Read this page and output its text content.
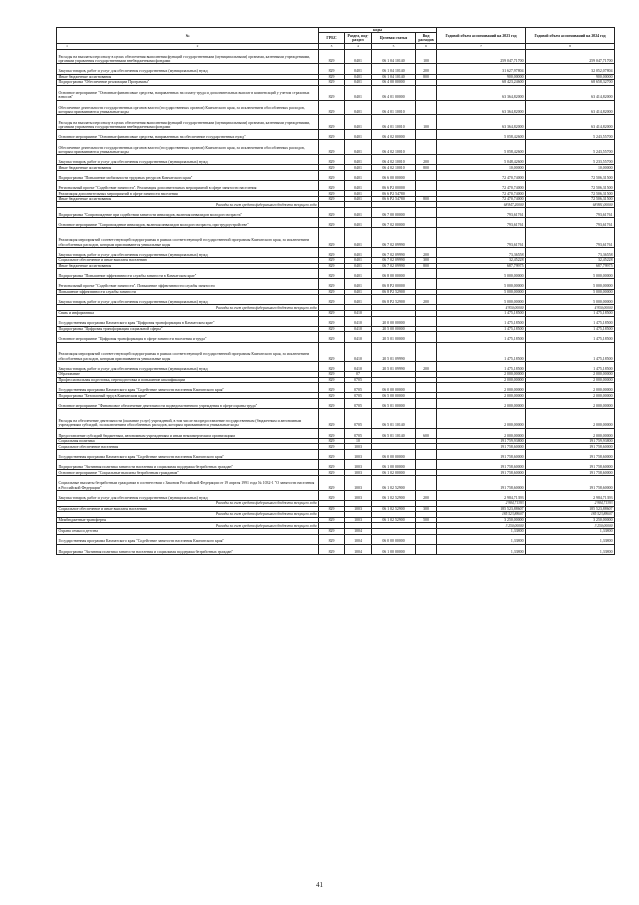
№	коды				Годовой объем ассигнований на 2023 год	Годовой объем ассигнований на 2024 год
	ГРБС	Раздел, под-раздел	Целевая статья	Вид расходов		

1 2	3	4	5	6	7	8
Расходы на выплаты персоналу в целях обеспечения выполнения функций государственными (муниципальными) органами, казенными учреждениями, органами управления государственными внебюджетными фондами	829	0401	06 1 04 10140	100	259 047,71700	259 047,71700
Закупка товаров, работ и услуг для обеспечения государственных (муниципальных) нужд	829	0401	06 1 04 10140	200	31 627,97804	32 052,07804
Иные бюджетные ассигнования	829	0401	06 1 04 10140	800	900,00000	900,00000
Подпрограмма "Обеспечение реализации Программы"	829	0401	06 4 00 00000		68 423,24600	68 658,32700
Основное мероприятие "Основные финансовые средства, направленных на оплату труда и дополнительных выплат в компенсаций у учетом страховых взносов"	829	0401	06 4 01 00000		63 364,82000	63 414,82000
Обеспечение деятельности государственных органов власти (государственных органов) Камчатского края, за исключением обособленных расходов, которым присваиваются уникальные коды	829	0401	06 4 01 10010		63 364,82000	63 414,82000
Расходы на выплаты персоналу в целях обеспечения выполнения функций государственными (муниципальными) органами, казенными учреждениями, органами управления государственными внебюджетными фондами	829	0401	06 4 01 10010	100	63 364,82000	63 414,82000
Основное мероприятие "Основные финансовые средства, направленных на обеспечение государственных нужд"	829	0401	06 4 02 00000		5 058,42600	5 243,55700
Обеспечение деятельности государственных органов власти (государственных органов) Камчатского края, за исключением обособленных расходов, которым присваиваются уникальные коды	829	0401	06 4 02 10010		5 058,42600	5 243,55700
Закупка товаров, работ и услуг для обеспечения государственных (муниципальных) нужд	829	0401	06 4 02 10010	200	5 048,42600	5 233,55700
Иные бюджетные ассигнования	829	0401	06 4 02 10010	800	10,00000	10,00000
Подпрограмма "Повышение мобильности трудовых ресурсов Камчатского края"	829	0401	06 6 00 00000		72 470,74000	72 506,31500
Региональный проект "Содействие занятости". Реализация дополнительных мероприятий в сфере занятости населения	829	0401	06 6 P2 00000		72 470,74000	72 506,31500
Реализация дополнительных мероприятий в сфере занятости населения	829	0401	06 6 P2 54780		72 470,74000	72 506,31500
Иные бюджетные ассигнования	829	0401	06 6 P2 54780	800	72 470,74000	72 506,31500
Расходы за счет средств федерального бюджета текущего года					68 847,20000	68 881,00000
Подпрограмма "Сопровождение при содействии занятости инвалидов, включая инвалидов молодого возраста"	829	0401	06 7 00 00000		793,61761	793,61761
Основное мероприятие "Сопровождение инвалидов, включая инвалидов молодого возраста, при трудоустройстве"	829	0401	06 7 02 00000		793,61761	793,61761
Реализация мероприятий соответствующей подпрограммы в рамках соответствующей государственной программы Камчатского края, за исключением обособленных расходов, которым присваиваются уникальные коды	829	0401	06 7 02 09990		793,61761	793,61761
Закупка товаров, работ и услуг для обеспечения государственных (муниципальных) нужд	829	0401	06 7 02 09990	200	73,36558	73,36558
Социальное обеспечение и иные выплаты населению	829	0401	06 7 02 09990	300	32,45228	32,45228
Иные бюджетные ассигнования	829	0401	06 7 02 09990	800	687,79975	687,79975
Подпрограмма "Повышение эффективности службы занятости в Камчатском крае"	829	0401	06 8 00 00000		5 000,00000	5 000,00000
Региональный проект "Содействие занятости". Повышение эффективности службы занятости	829	0401	06 8 P2 00000		5 000,00000	5 000,00000
Повышение эффективности службы занятости	829	0401	06 8 P2 52900		5 000,00000	5 000,00000
Закупка товаров, работ и услуг для обеспечения государственных (муниципальных) нужд	829	0401	06 8 P2 52900	200	5 000,00000	5 000,00000
Расходы за счет средств федерального бюджета текущего года					4 950,00000	4 950,00000
Связь и информатика	829	0410			1 475,18500	1 475,18500
Государственная программа Камчатского края "Цифровая трансформация в Камчатском крае"	829	0410	20 0 00 00000		1 475,18500	1 475,18500
Подпрограмма "Цифровая трансформация социальной сферы"	829	0410	20 5 00 00000		1 475,18500	1 475,18500
Основное мероприятие "Цифровая трансформация в сфере занятости населения и труда"	829	0410	20 5 01 00000		1 475,18500	1 475,18500
Реализация мероприятий соответствующей подпрограммы в рамках соответствующей государственной программы Камчатского края, за исключением обособленных расходов, которым присваиваются уникальные коды	829	0410	20 5 01 09990		1 475,18500	1 475,18500
Закупка товаров, работ и услуг для обеспечения государственных (муниципальных) нужд	829	0410	20 5 01 09990	200	1 475,18500	1 475,18500
Образование	829	07			2 000,00000	2 000,00000
Профессиональная подготовка, переподготовка и повышение квалификации	829	0705			2 000,00000	2 000,00000
Государственная программа Камчатского края "Содействие занятости населения Камчатского края"	829	0705	06 0 00 00000		2 000,00000	2 000,00000
Подпрограмма "Безопасный труд в Камчатском крае"	829	0705	06 5 00 00000		2 000,00000	2 000,00000
Основное мероприятие "Финансовое обеспечение деятельности подведомственного учреждения в сфере охраны труда"	829	0705	06 5 01 00000		2 000,00000	2 000,00000
Расходы на обеспечение деятельности (оказание услуг) учреждений, в том числе на предоставление государственным (бюджетным и автономным учреждениям субсидий, за исключением обособленных расходов, которым присваиваются уникальные коды	829	0705	06 5 01 10140		2 000,00000	2 000,00000
Предоставление субсидий бюджетным, автономным учреждениям и иным некоммерческим организациям	829	0705	06 5 01 10140	600	2 000,00000	2 000,00000
Социальная политика	829	10			191 759,93800	191 759,93800
Социальное обеспечение населения	829	1003			191 758,60000	191 758,60000
Государственная программа Камчатского края "Содействие занятости населения Камчатского края"	829	1003	06 0 00 00000		191 758,60000	191 758,60000
Подпрограмма "Активная политика занятости населения и социальная поддержка безработных граждан"	829	1003	06 1 00 00000		191 758,60000	191 758,60000
Основное мероприятие "Социальные выплаты безработным гражданам"	829	1003	06 1 02 00000		191 758,60000	191 758,60000
Социальные выплаты безработным гражданам в соответствии с Законом Российской Федерации от 19 апреля 1991 года № 1032-1 "О занятости населения в Российской Федерации"	829	1003	06 1 02 52900		191 758,60000	191 758,60000
Закупка товаров, работ и услуг для обеспечения государственных (муниципальных) нужд	829	1003	06 1 02 52900	200	2 984,71393	2 984,71393
Расходы за счет средств федерального бюджета текущего года					2 984,71393	2 984,71393
Социальное обеспечение и иные выплаты населению	829	1003	06 1 02 52900	300	185 523,88607	185 523,88607
Расходы за счет средств федерального бюджета текущего года					185 523,88607	185 523,88607
Межбюджетные трансферты	829	1003	06 1 02 52900	500	3 250,00000	3 250,00000
Расходы за счет средств федерального бюджета текущего года					3 250,00000	3 250,00000
Охрана семьи и детства	829	1004			1,33800	1,33800
Государственная программа Камчатского края "Содействие занятости населения Камчатского края"	829	1004	06 0 00 00000		1,33800	1,33800
Подпрограмма "Активная политика занятости населения и социальная поддержка безработных граждан"	829	1004	06 1 00 00000		1,33800	1,33800
41
